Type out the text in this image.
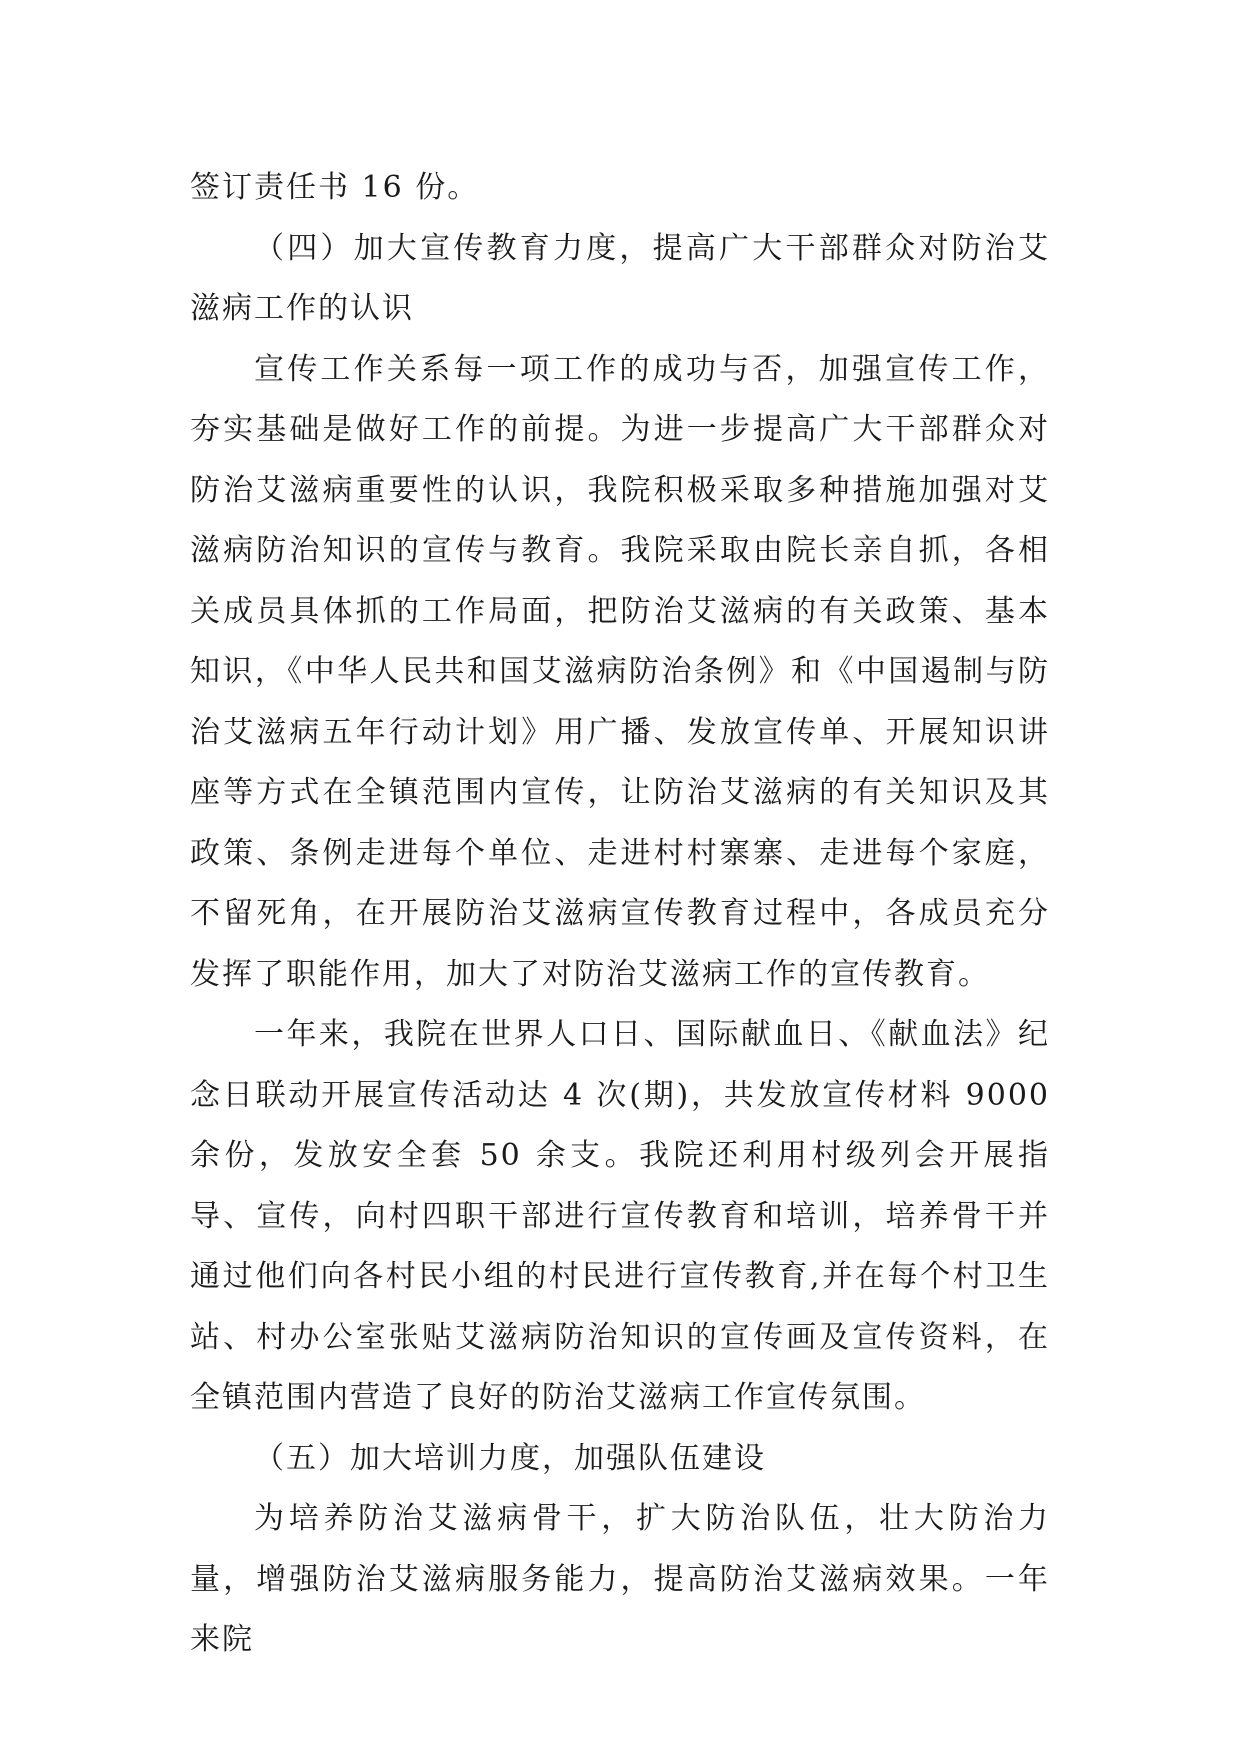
签订责任书 16 份。

（四）加大宣传教育力度，提高广大干部群众对防治艾滋病工作的认识

宣传工作关系每一项工作的成功与否，加强宣传工作，夯实基础是做好工作的前提。为进一步提高广大干部群众对防治艾滋病重要性的认识，我院积极采取多种措施加强对艾滋病防治知识的宣传与教育。我院采取由院长亲自抓，各相关成员具体抓的工作局面，把防治艾滋病的有关政策、基本知识，《中华人民共和国艾滋病防治条例》和《中国遏制与防治艾滋病五年行动计划》用广播、发放宣传单、开展知识讲座等方式在全镇范围内宣传，让防治艾滋病的有关知识及其政策、条例走进每个单位、走进村村寨寨、走进每个家庭，不留死角，在开展防治艾滋病宣传教育过程中，各成员充分发挥了职能作用，加大了对防治艾滋病工作的宣传教育。

一年来，我院在世界人口日、国际献血日、《献血法》纪念日联动开展宣传活动达 4 次(期)，共发放宣传材料 9000 余份，发放安全套 50 余支。我院还利用村级列会开展指导、宣传，向村四职干部进行宣传教育和培训，培养骨干并通过他们向各村民小组的村民进行宣传教育,并在每个村卫生站、村办公室张贴艾滋病防治知识的宣传画及宣传资料，在全镇范围内营造了良好的防治艾滋病工作宣传氛围。

（五）加大培训力度，加强队伍建设

为培养防治艾滋病骨干，扩大防治队伍，壮大防治力量，增强防治艾滋病服务能力，提高防治艾滋病效果。一年来院
